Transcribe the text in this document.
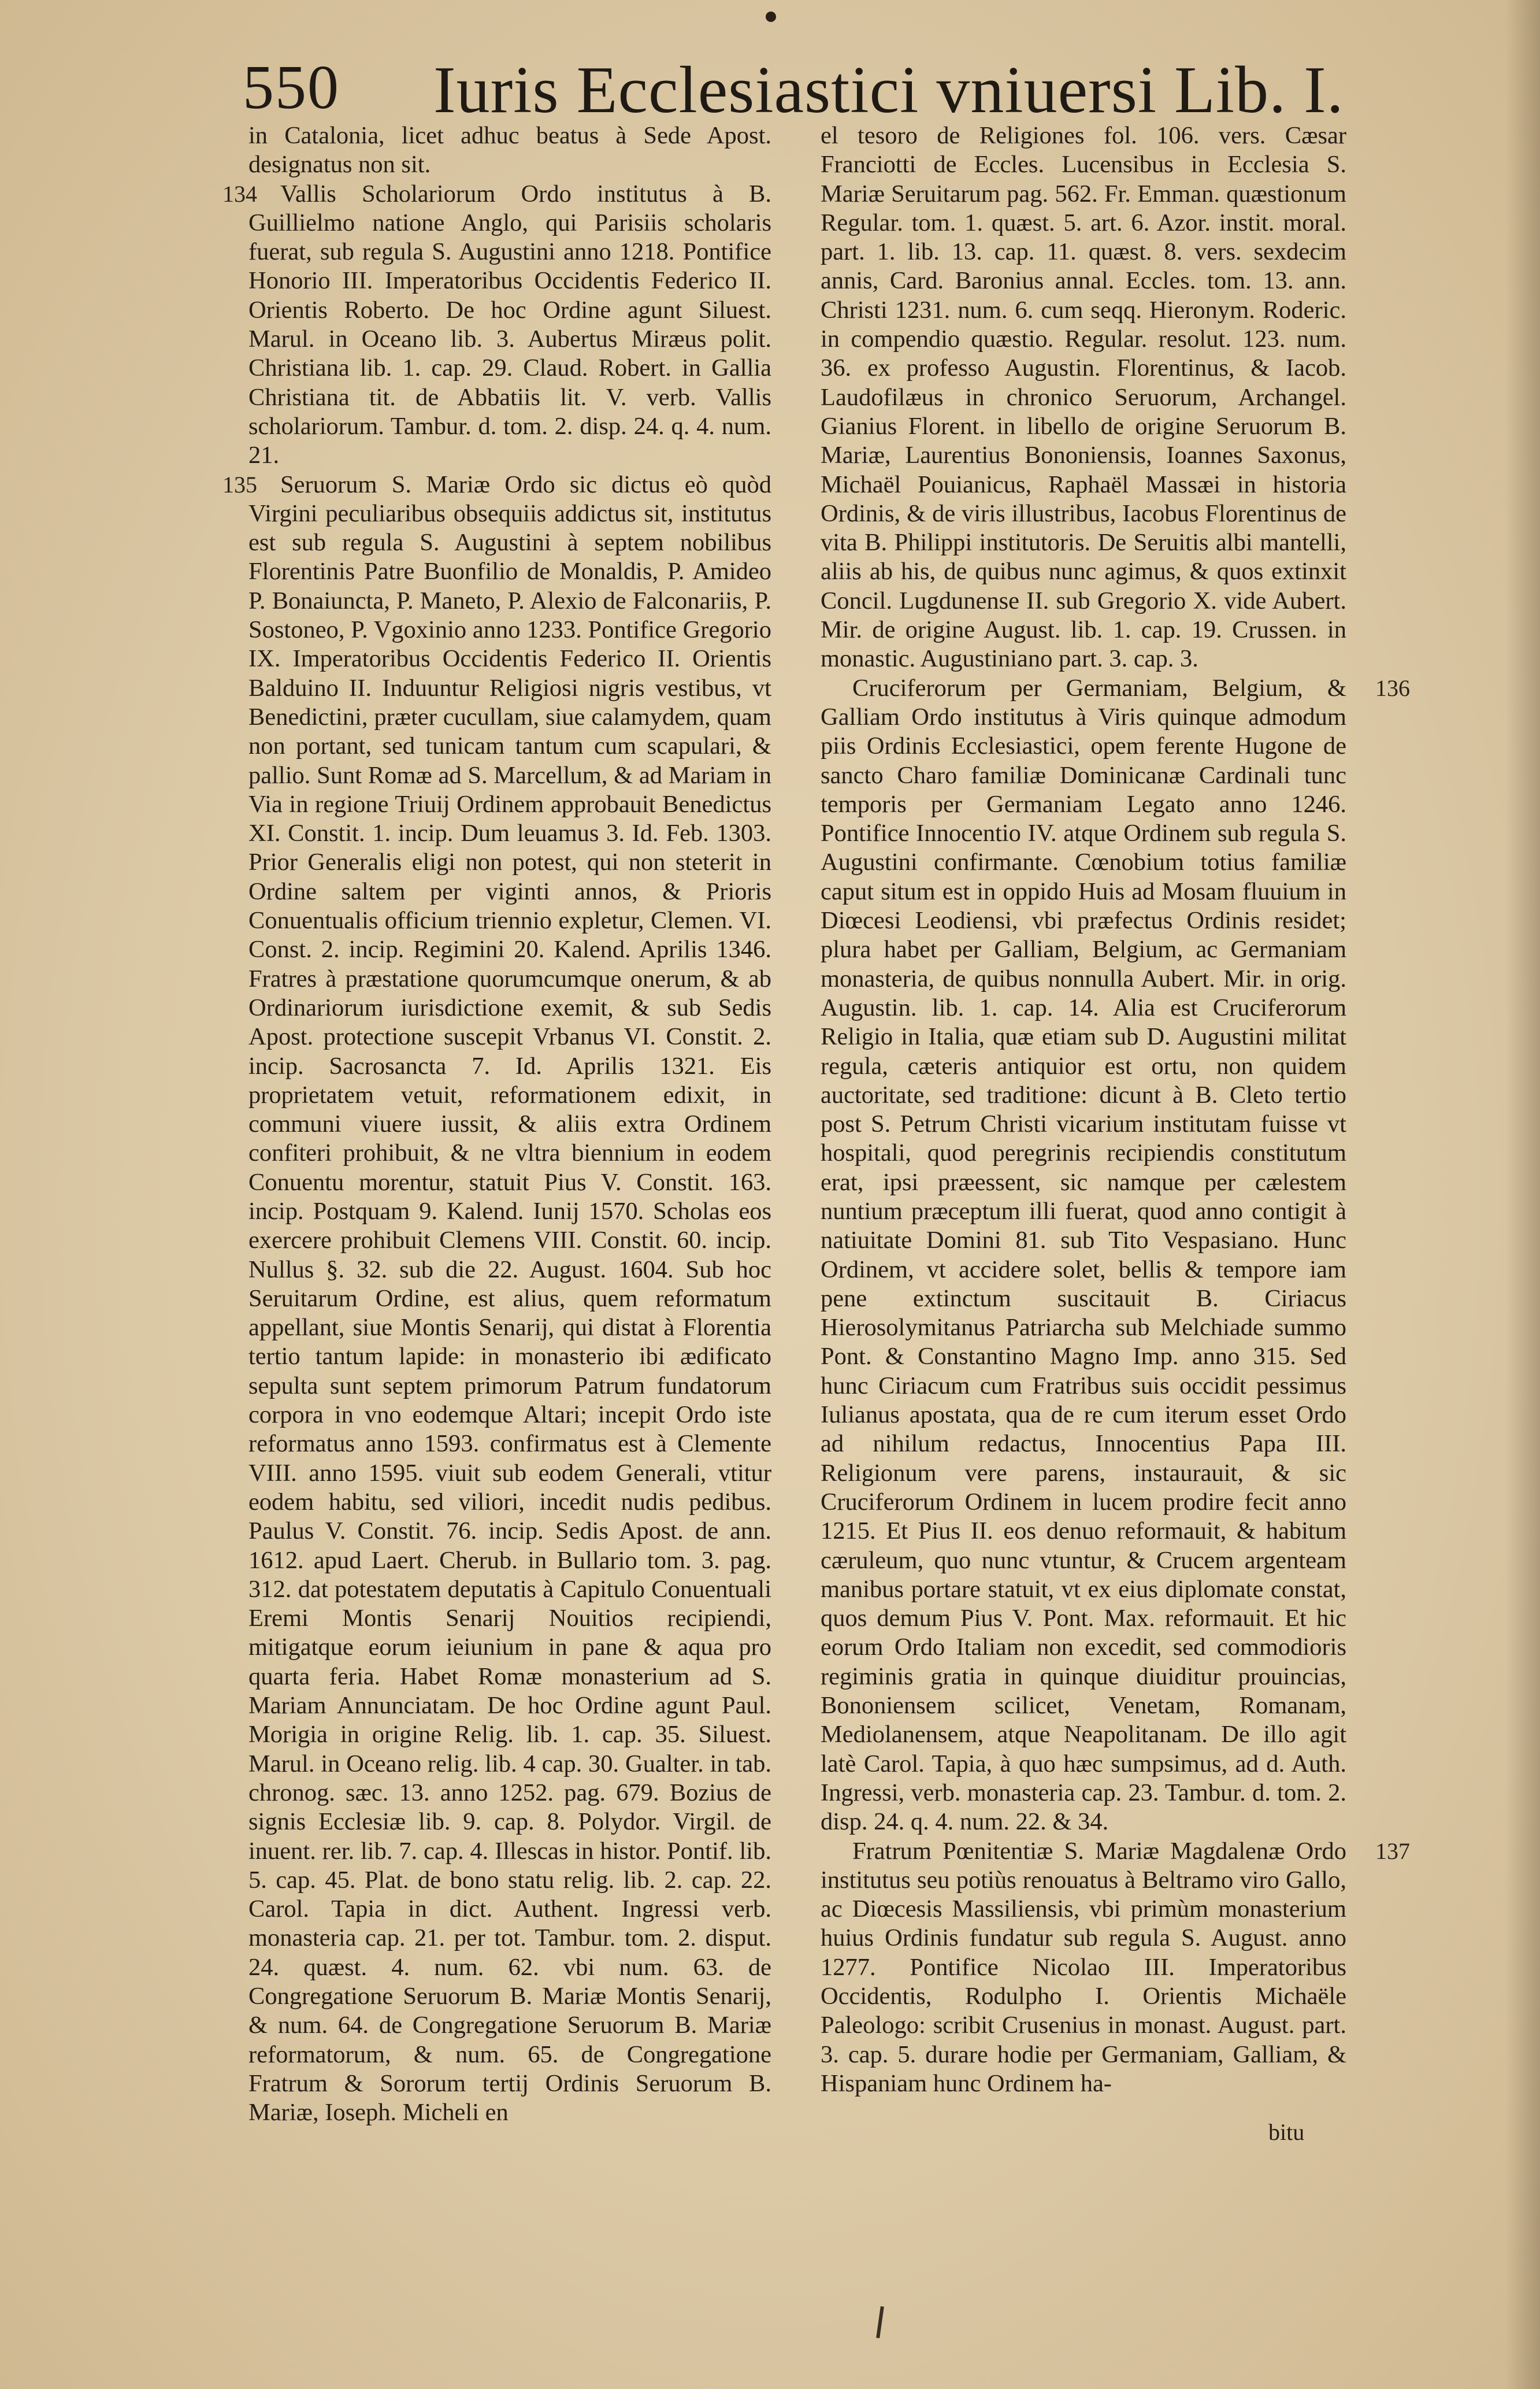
550 Iuris Ecclesiastici vniuersi Lib. I.

in Catalonia, licet adhuc beatus à Sede Apost. designatus non sit.

134 Vallis Scholariorum Ordo institutus à B. Guillielmo natione Anglo, qui Parisiis scholaris fuerat, sub regula S. Augustini anno 1218. Pontifice Honorio III. Imperatoribus Occidentis Federico II. Orientis Roberto. De hoc Ordine agunt Siluest. Marul. in Oceano lib. 3. Aubertus Miræus polit. Christiana lib. 1. cap. 29. Claud. Robert. in Gallia Christiana tit. de Abbatiis lit. V. verb. Vallis scholariorum. Tambur. d. tom. 2. disp. 24. q. 4. num. 21.

135 Seruorum S. Mariæ Ordo sic dictus eò quòd Virgini peculiaribus obsequiis addictus sit, institutus est sub regula S. Augustini à septem nobilibus Florentinis Patre Buonfilio de Monaldis, P. Amideo P. Bonaiuncta, P. Maneto, P. Alexio de Falconariis, P. Sostoneo, P. Vgoxinio anno 1233. Pontifice Gregorio IX. Imperatoribus Occidentis Federico II. Orientis Balduino II. Induuntur Religiosi nigris vestibus, vt Benedictini, præter cucullam, siue calamydem, quam non portant, sed tunicam tantum cum scapulari, & pallio. Sunt Romæ ad S. Marcellum, & ad Mariam in Via in regione Triuij Ordinem approbauit Benedictus XI. Constit. 1. incip. Dum leuamus 3. Id. Feb. 1303. Prior Generalis eligi non potest, qui non steterit in Ordine saltem per viginti annos, & Prioris Conuentualis officium triennio expletur, Clemen. VI. Const. 2. incip. Regimini 20. Kalend. Aprilis 1346. Fratres à præstatione quorumcumque onerum, & ab Ordinariorum iurisdictione exemit, & sub Sedis Apost. protectione suscepit Vrbanus VI. Constit. 2. incip. Sacrosancta 7. Id. Aprilis 1321. Eis proprietatem vetuit, reformationem edixit, in communi viuere iussit, & aliis extra Ordinem confiteri prohibuit, & ne vltra biennium in eodem Conuentu morentur, statuit Pius V. Constit. 163. incip. Postquam 9. Kalend. Iunij 1570. Scholas eos exercere prohibuit Clemens VIII. Constit. 60. incip. Nullus §. 32. sub die 22. August. 1604. Sub hoc Seruitarum Ordine, est alius, quem reformatum appellant, siue Montis Senarij, qui distat à Florentia tertio tantum lapide: in monasterio ibi ædificato sepulta sunt septem primorum Patrum fundatorum corpora in vno eodemque Altari; incepit Ordo iste reformatus anno 1593. confirmatus est à Clemente VIII. anno 1595. viuit sub eodem Generali, vtitur eodem habitu, sed viliori, incedit nudis pedibus. Paulus V. Constit. 76. incip. Sedis Apost. de ann. 1612. apud Laert. Cherub. in Bullario tom. 3. pag. 312. dat potestatem deputatis à Capitulo Conuentuali Eremi Montis Senarij Nouitios recipiendi, mitigatque eorum ieiunium in pane & aqua pro quarta feria. Habet Romæ monasterium ad S. Mariam Annunciatam. De hoc Ordine agunt Paul. Morigia in origine Relig. lib. 1. cap. 35. Siluest. Marul. in Oceano relig. lib. 4 cap. 30. Gualter. in tab. chronog. sæc. 13. anno 1252. pag. 679. Bozius de signis Ecclesiæ lib. 9. cap. 8. Polydor. Virgil. de inuent. rer. lib. 7. cap. 4. Illescas in histor. Pontif. lib. 5. cap. 45. Plat. de bono statu relig. lib. 2. cap. 22. Carol. Tapia in dict. Authent. Ingressi verb. monasteria cap. 21. per tot. Tambur. tom. 2. disput. 24. quæst. 4. num. 62. vbi num. 63. de Congregatione Seruorum B. Mariæ Montis Senarij, & num. 64. de Congregatione Seruorum B. Mariæ reformatorum, & num. 65. de Congregatione Fratrum & Sororum tertij Ordinis Seruorum B. Mariæ, Ioseph. Micheli en

el tesoro de Religiones fol. 106. vers. Cæsar Franciotti de Eccles. Lucensibus in Ecclesia S. Mariæ Seruitarum pag. 562. Fr. Emman. quæstionum Regular. tom. 1. quæst. 5. art. 6. Azor. instit. moral. part. 1. lib. 13. cap. 11. quæst. 8. vers. sexdecim annis, Card. Baronius annal. Eccles. tom. 13. ann. Christi 1231. num. 6. cum seqq. Hieronym. Roderic. in compendio quæstio. Regular. resolut. 123. num. 36. ex professo Augustin. Florentinus, & Iacob. Laudofilæus in chronico Seruorum, Archangel. Gianius Florent. in libello de origine Seruorum B. Mariæ, Laurentius Bononiensis, Ioannes Saxonus, Michaël Pouianicus, Raphaël Massæi in historia Ordinis, & de viris illustribus, Iacobus Florentinus de vita B. Philippi institutoris. De Seruitis albi mantelli, aliis ab his, de quibus nunc agimus, & quos extinxit Concil. Lugdunense II. sub Gregorio X. vide Aubert. Mir. de origine August. lib. 1. cap. 19. Crussen. in monastic. Augustiniano part. 3. cap. 3.

136
Cruciferorum per Germaniam, Belgium, & Galliam Ordo institutus à Viris quinque admodum piis Ordinis Ecclesiastici, opem ferente Hugone de sancto Charo familiæ Dominicanæ Cardinali tunc temporis per Germaniam Legato anno 1246. Pontifice Innocentio IV. atque Ordinem sub regula S. Augustini confirmante. Cœnobium totius familiæ caput situm est in oppido Huis ad Mosam fluuium in Diœcesi Leodiensi, vbi præfectus Ordinis residet; plura habet per Galliam, Belgium, ac Germaniam monasteria, de quibus nonnulla Aubert. Mir. in orig. Augustin. lib. 1. cap. 14. Alia est Cruciferorum Religio in Italia, quæ etiam sub D. Augustini militat regula, cæteris antiquior est ortu, non quidem auctoritate, sed traditione: dicunt à B. Cleto tertio post S. Petrum Christi vicarium institutam fuisse vt hospitali, quod peregrinis recipiendis constitutum erat, ipsi præessent, sic namque per cælestem nuntium præceptum illi fuerat, quod anno contigit à natiuitate Domini 81. sub Tito Vespasiano. Hunc Ordinem, vt accidere solet, bellis & tempore iam pene extinctum suscitauit B. Ciriacus Hierosolymitanus Patriarcha sub Melchiade summo Pont. & Constantino Magno Imp. anno 315. Sed hunc Ciriacum cum Fratribus suis occidit pessimus Iulianus apostata, qua de re cum iterum esset Ordo ad nihilum redactus, Innocentius Papa III. Religionum vere parens, instaurauit, & sic Cruciferorum Ordinem in lucem prodire fecit anno 1215. Et Pius II. eos denuo reformauit, & habitum cæruleum, quo nunc vtuntur, & Crucem argenteam manibus portare statuit, vt ex eius diplomate constat, quos demum Pius V. Pont. Max. reformauit. Et hic eorum Ordo Italiam non excedit, sed commodioris regiminis gratia in quinque diuiditur prouincias, Bononiensem scilicet, Venetam, Romanam, Mediolanensem, atque Neapolitanam. De illo agit latè Carol. Tapia, à quo hæc sumpsimus, ad d. Auth. Ingressi, verb. monasteria cap. 23. Tambur. d. tom. 2. disp. 24. q. 4. num. 22. & 34.

137
Fratrum Pœnitentiæ S. Mariæ Magdalenæ Ordo institutus seu potiùs renouatus à Beltramo viro Gallo, ac Diœcesis Massiliensis, vbi primùm monasterium huius Ordinis fundatur sub regula S. August. anno 1277. Pontifice Nicolao III. Imperatoribus Occidentis, Rodulpho I. Orientis Michaële Paleologo: scribit Crusenius in monast. August. part. 3. cap. 5. durare hodie per Germaniam, Galliam, & Hispaniam hunc Ordinem ha-

bitu
